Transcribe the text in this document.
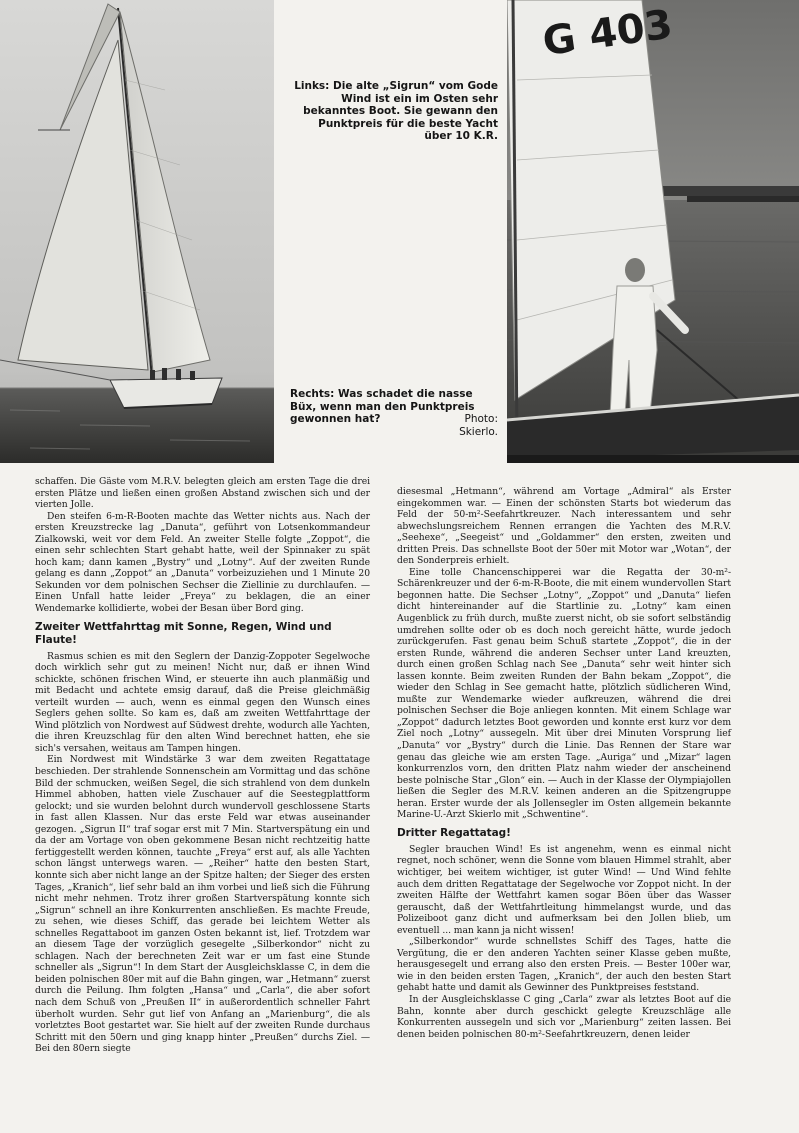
G 403
Links: Die alte „Sigrun“ vom Gode Wind ist ein im Osten sehr bekanntes Boot. Sie gewann den Punktpreis für die beste Yacht über 10 K.R.
Rechts: Was schadet die nasse Büx, wenn man den Punktpreis gewonnen hat?	Photo: Skierlo.

schaffen. Die Gäste vom M.R.V. belegten gleich am ersten Tage die drei ersten Plätze und ließen einen großen Abstand zwischen sich und der vierten Jolle.

Den steifen 6-m-R-Booten machte das Wetter nichts aus. Nach der ersten Kreuzstrecke lag „Danuta“, geführt von Lotsenkommandeur Zialkowski, weit vor dem Feld. An zweiter Stelle folgte „Zoppot“, die einen sehr schlechten Start gehabt hatte, weil der Spinnaker zu spät hoch kam; dann kamen „Bystry“ und „Lotny“. Auf der zweiten Runde gelang es dann „Zoppot“ an „Danuta“ vorbeizuziehen und 1 Minute 20 Sekunden vor dem polnischen Sechser die Ziellinie zu durchlaufen. — Einen Unfall hatte leider „Freya“ zu beklagen, die an einer Wendemarke kollidierte, wobei der Besan über Bord ging.

Zweiter Wettfahrttag mit Sonne, Regen, Wind und Flaute!

Rasmus schien es mit den Seglern der Danzig-Zoppoter Segelwoche doch wirklich sehr gut zu meinen! Nicht nur, daß er ihnen Wind schickte, schönen frischen Wind, er steuerte ihn auch planmäßig und mit Bedacht und achtete emsig darauf, daß die Preise gleichmäßig verteilt wurden — auch, wenn es einmal gegen den Wunsch eines Seglers gehen sollte. So kam es, daß am zweiten Wettfahrttage der Wind plötzlich von Nordwest auf Südwest drehte, wodurch alle Yachten, die ihren Kreuzschlag für den alten Wind berechnet hatten, ehe sie sich's versahen, weitaus am Tampen hingen.

Ein Nordwest mit Windstärke 3 war dem zweiten Regattatage beschieden. Der strahlende Sonnenschein am Vormittag und das schöne Bild der schmucken, weißen Segel, die sich strahlend von dem dunkeln Himmel abhoben, hatten viele Zuschauer auf die Seestegplattform gelockt; und sie wurden belohnt durch wundervoll geschlossene Starts in fast allen Klassen. Nur das erste Feld war etwas auseinander gezogen. „Sigrun II“ traf sogar erst mit 7 Min. Startverspätung ein und da der am Vortage von oben gekommene Besan nicht rechtzeitig hatte fertiggestellt werden können, tauchte „Freya“ erst auf, als alle Yachten schon längst unterwegs waren. — „Reiher“ hatte den besten Start, konnte sich aber nicht lange an der Spitze halten; der Sieger des ersten Tages, „Kranich“, lief sehr bald an ihm vorbei und ließ sich die Führung nicht mehr nehmen. Trotz ihrer großen Startverspätung konnte sich „Sigrun“ schnell an ihre Konkurrenten anschließen. Es machte Freude, zu sehen, wie dieses Schiff, das gerade bei leichtem Wetter als schnelles Regattaboot im ganzen Osten bekannt ist, lief. Trotzdem war an diesem Tage der vorzüglich gesegelte „Silberkondor“ nicht zu schlagen. Nach der berechneten Zeit war er um fast eine Stunde schneller als „Sigrun“! In dem Start der Ausgleichsklasse C, in dem die beiden polnischen 80er mit auf die Bahn gingen, war „Hetmann“ zuerst durch die Peilung. Ihm folgten „Hansa“ und „Carla“, die aber sofort nach dem Schuß von „Preußen II“ in außerordentlich schneller Fahrt überholt wurden. Sehr gut lief von Anfang an „Marienburg“, die als vorletztes Boot gestartet war. Sie hielt auf der zweiten Runde durchaus Schritt mit den 50ern und ging knapp hinter „Preußen“ durchs Ziel. — Bei den 80ern siegte

diesesmal „Hetmann“, während am Vortage „Admiral“ als Erster eingekommen war. — Einen der schönsten Starts bot wiederum das Feld der 50-m²-Seefahrtkreuzer. Nach interessantem und sehr abwechslungsreichem Rennen errangen die Yachten des M.R.V. „Seehexe“, „Seegeist“ und „Goldammer“ den ersten, zweiten und dritten Preis. Das schnellste Boot der 50er mit Motor war „Wotan“, der den Sonderpreis erhielt.

Eine tolle Chancenschipperei war die Regatta der 30-m²-Schärenkreuzer und der 6-m-R-Boote, die mit einem wundervollen Start begonnen hatte. Die Sechser „Lotny“, „Zoppot“ und „Danuta“ liefen dicht hintereinander auf die Startlinie zu. „Lotny“ kam einen Augenblick zu früh durch, mußte zuerst nicht, ob sie sofort selbständig umdrehen sollte oder ob es doch noch gereicht hätte, wurde jedoch zurückgerufen. Fast genau beim Schuß startete „Zoppot“, die in der ersten Runde, während die anderen Sechser unter Land kreuzten, durch einen großen Schlag nach See „Danuta“ sehr weit hinter sich lassen konnte. Beim zweiten Runden der Bahn bekam „Zoppot“, die wieder den Schlag in See gemacht hatte, plötzlich südlicheren Wind, mußte zur Wendemarke wieder aufkreuzen, während die drei polnischen Sechser die Boje anliegen konnten. Mit einem Schlage war „Zoppot“ dadurch letztes Boot geworden und konnte erst kurz vor dem Ziel noch „Lotny“ aussegeln. Mit über drei Minuten Vorsprung lief „Danuta“ vor „Bystry“ durch die Linie. Das Rennen der Stare war genau das gleiche wie am ersten Tage. „Auriga“ und „Mizar“ lagen konkurrenzlos vorn, den dritten Platz nahm wieder der anscheinend beste polnische Star „Glon“ ein. — Auch in der Klasse der Olympiajollen ließen die Segler des M.R.V. keinen anderen an die Spitzengruppe heran. Erster wurde der als Jollensegler im Osten allgemein bekannte Marine-U.-Arzt Skierlo mit „Schwentine“.

Dritter Regattatag!

Segler brauchen Wind! Es ist angenehm, wenn es einmal nicht regnet, noch schöner, wenn die Sonne vom blauen Himmel strahlt, aber wichtiger, bei weitem wichtiger, ist guter Wind! — Und Wind fehlte auch dem dritten Regattatage der Segelwoche vor Zoppot nicht. In der zweiten Hälfte der Wettfahrt kamen sogar Böen über das Wasser gerauscht, daß der Wettfahrtleitung himmelangst wurde, und das Polizeiboot ganz dicht und aufmerksam bei den Jollen blieb, um eventuell ... man kann ja nicht wissen!

„Silberkondor“ wurde schnellstes Schiff des Tages, hatte die Vergütung, die er den anderen Yachten seiner Klasse geben mußte, herausgesegelt und errang also den ersten Preis. — Bester 100er war, wie in den beiden ersten Tagen, „Kranich“, der auch den besten Start gehabt hatte und damit als Gewinner des Punktpreises feststand.

In der Ausgleichsklasse C ging „Carla“ zwar als letztes Boot auf die Bahn, konnte aber durch geschickt gelegte Kreuzschläge alle Konkurrenten aussegeln und sich vor „Marienburg“ zeiten lassen. Bei denen beiden polnischen 80-m²-Seefahrtkreuzern, denen leider
